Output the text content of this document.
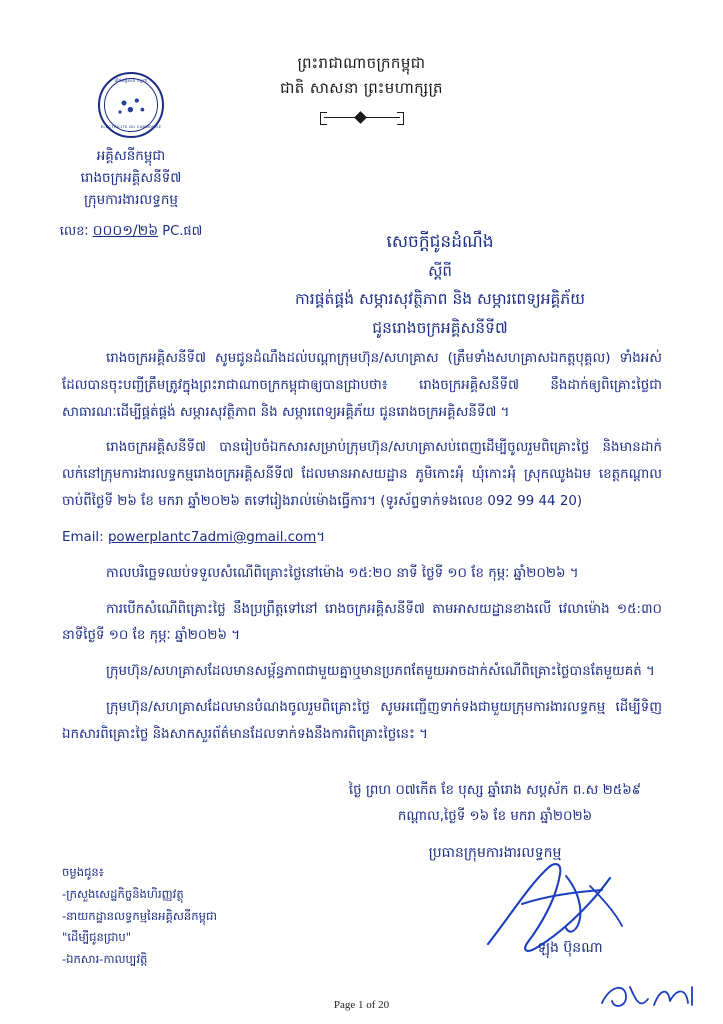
ព្រះរាជាណាចក្រកម្ពុជា
ជាតិ សាសនា ព្រះមហាក្សត្រ
ភ្លើងអគ្គិសនី កម្ពុជា
ELECTRICITE DU CAMBODGE
អគ្គិសនីកម្ពុជា
រោងចក្រអគ្គិសនីទី៧
ក្រុមការងារលទ្ធកម្ម
លេខៈ ០០០១/២៦ PC.ផ៧
សេចក្ដីជូនដំណឹង
ស្ដីពី
ការផ្គត់ផ្គង់ សម្ភារសុវត្ថិភាព និង សម្ភារពេទ្យអគ្គិភ័យ
ជូនរោងចក្រអគ្គិសនីទី៧

រោងចក្រអគ្គិសនីទី៧ សូមជូនដំណឹងដល់បណ្ដាក្រុមហ៊ុន/សហគ្រាស (ត្រឹមទាំងសហគ្រាសឯកត្តបុគ្គល) ទាំងអស់ដែលបានចុះបញ្ជីត្រឹមត្រូវក្នុងព្រះរាជាណាចក្រកម្ពុជាឲ្យបានជ្រាបថា៖ រោងចក្រអគ្គិសនីទី៧ នឹងដាក់ឲ្យពិគ្រោះថ្លៃជាសាធារណៈដើម្បីផ្គត់ផ្គង់ សម្ភារសុវត្ថិភាព និង សម្ភារពេទ្យអគ្គិភ័យ ជូនរោងចក្រអគ្គិសនីទី៧ ។

រោងចក្រអគ្គិសនីទី៧ បានរៀបចំឯកសារសម្រាប់ក្រុមហ៊ុន/សហគ្រាសប់ពេញដើម្បីចូលរួមពិគ្រោះថ្លៃ និងមានដាក់លក់នៅក្រុមការងារលទ្ធកម្មរោងចក្រអគ្គិសនីទី៧ ដែលមានអាសយដ្ឋាន ភូមិកោះអុំ ឃុំកោះអុំ ស្រុកឈូងឯម ខេត្តកណ្ដាល ចាប់ពីថ្ងៃទី ២៦ ខែ មករា ឆ្នាំ២០២៦ តទៅរៀងរាល់ម៉ោងធ្វើការ។ (ទូរស័ព្ទទាក់ទងលេខ 092 99 44 20)

Email: powerplantc7admi@gmail.com។

កាលបរិច្ឆេទឈប់ទទួលសំណើពិគ្រោះថ្លៃនៅម៉ោង ១៥:២០ នាទី ថ្ងៃទី ១០ ខែ កុម្ភៈ ឆ្នាំ២០២៦ ។

ការបើកសំណើពិគ្រោះថ្លៃ នឹងប្រព្រឹត្តទៅនៅ រោងចក្រអគ្គិសនីទី៧ តាមអាសយដ្ឋានខាងលើ វេលាម៉ោង ១៥:៣០ នាទីថ្ងៃទី ១០ ខែ កុម្ភៈ ឆ្នាំ២០២៦ ។

ក្រុមហ៊ុន/សហគ្រាសដែលមានសម្ព័ន្ធភាពជាមួយគ្នាឬមានប្រភពតែមួយអាចដាក់សំណើពិគ្រោះថ្លៃបានតែមួយគត់ ។

ក្រុមហ៊ុន/សហគ្រាសដែលមានបំណងចូលរួមពិគ្រោះថ្លៃ សូមអញ្ជើញទាក់ទងជាមួយក្រុមការងារលទ្ធកម្ម ដើម្បីទិញឯកសារពិគ្រោះថ្លៃ និងសាកសួរព័ត៌មានដែលទាក់ទងនឹងការពិគ្រោះថ្លៃនេះ ។

ថ្ងៃ ព្រហ ០៧កើត ខែ បុស្ស ឆ្នាំរោង សប្ដស័ក ព.ស ២៥៦៩
កណ្ដាល,ថ្ងៃទី ១៦ ខែ មករា ឆ្នាំ២០២៦
ប្រធានក្រុមការងារលទ្ធកម្ម
ឡុង ប៊ុនណា
ចម្លងជូន៖
-ក្រសួងសេដ្ឋកិច្ចនិងហិរញ្ញវត្ថុ
-នាយកដ្ឋានលទ្ធកម្មនៃអគ្គិសនីកម្ពុជា
"ដើម្បីជូនជ្រាប"
-ឯកសារ-កាលប្បវត្តិ
Page 1 of 20
